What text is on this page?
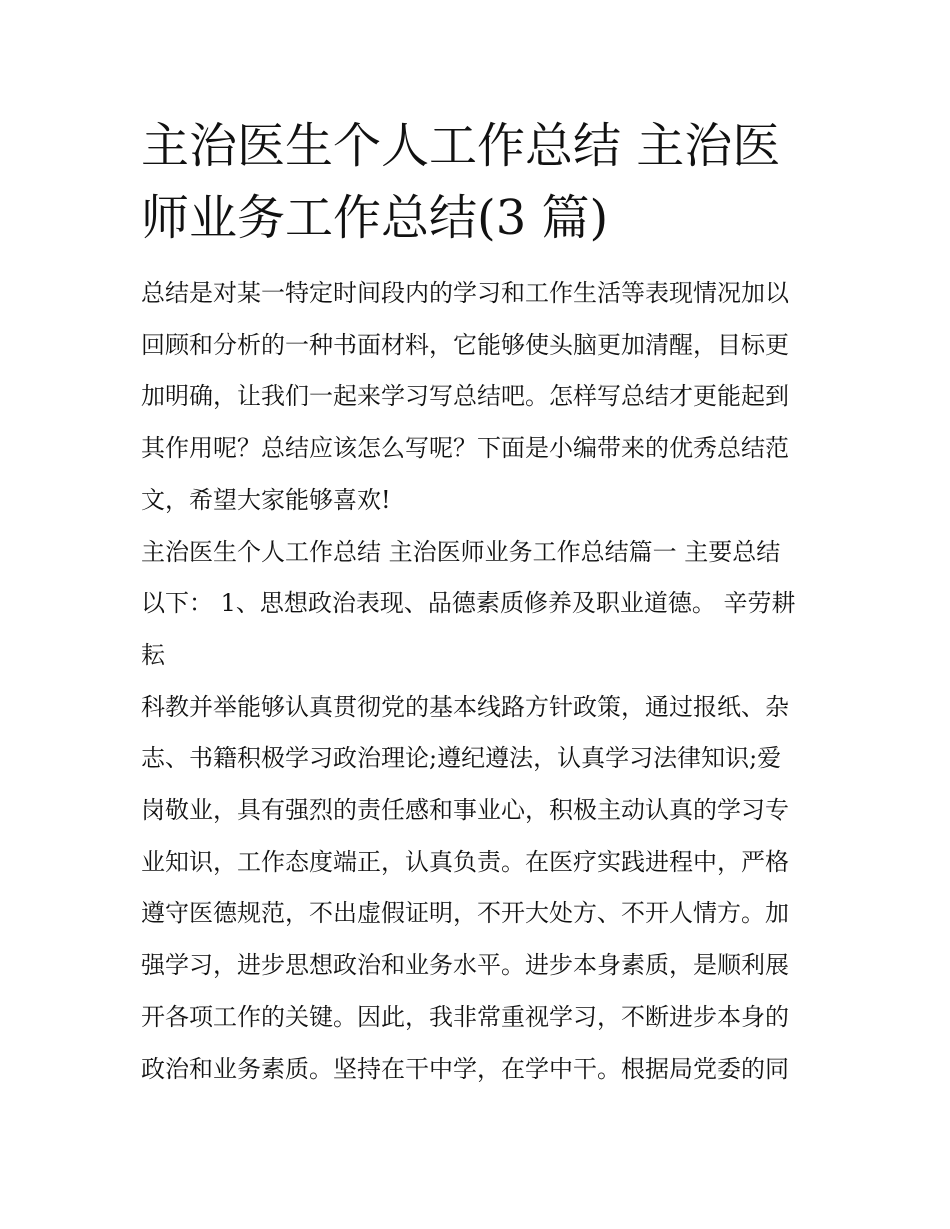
主治医生个人工作总结 主治医
师业务工作总结(3 篇)
总结是对某一特定时间段内的学习和工作生活等表现情况加以
回顾和分析的一种书面材料，它能够使头脑更加清醒，目标更
加明确，让我们一起来学习写总结吧。怎样写总结才更能起到
其作用呢？总结应该怎么写呢？下面是小编带来的优秀总结范
文，希望大家能够喜欢!
主治医生个人工作总结 主治医师业务工作总结篇一 主要总结
以下： 1、思想政治表现、品德素质修养及职业道德。 辛劳耕
耘
科教并举能够认真贯彻党的基本线路方针政策，通过报纸、杂
志、书籍积极学习政治理论;遵纪遵法，认真学习法律知识;爱
岗敬业，具有强烈的责任感和事业心，积极主动认真的学习专
业知识，工作态度端正，认真负责。在医疗实践进程中，严格
遵守医德规范，不出虚假证明，不开大处方、不开人情方。加
强学习，进步思想政治和业务水平。进步本身素质，是顺利展
开各项工作的关键。因此，我非常重视学习，不断进步本身的
政治和业务素质。坚持在干中学，在学中干。根据局党委的同
